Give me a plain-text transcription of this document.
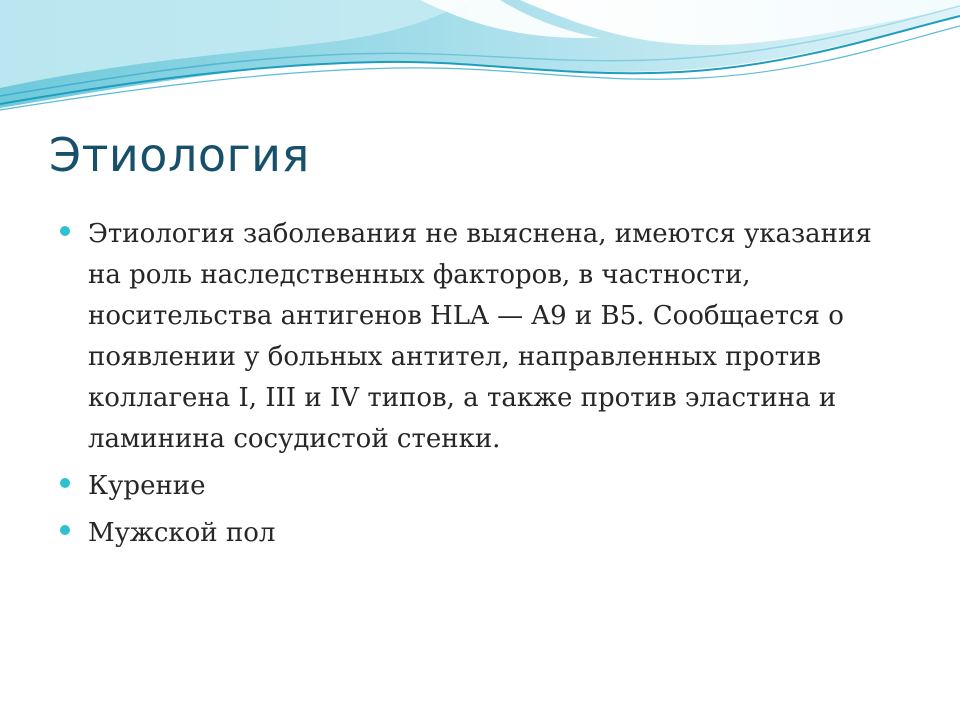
Этиология
Этиология заболевания не выяснена, имеются указания на роль наследственных факторов, в частности, носительства антигенов HLA — A9 и B5. Сообщается о появлении у больных антител, направленных против коллагена I, III и IV типов, а также против эластина и ламинина сосудистой стенки.
Курение
Мужской пол
